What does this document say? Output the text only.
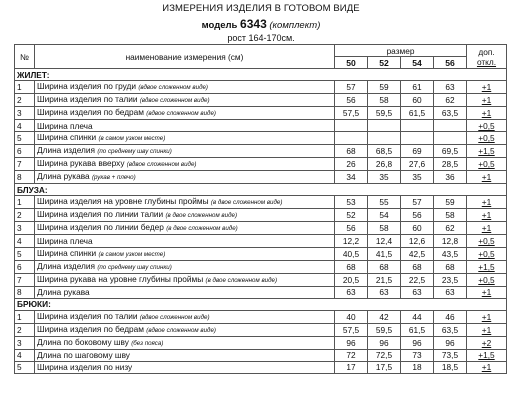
ИЗМЕРЕНИЯ ИЗДЕЛИЯ В ГОТОВОМ ВИДЕ
модель 6343 (комплект)
рост 164-170см.
№	наименование измерения (см)	размер				доп.
откл.
		50	52	54	56	
ЖИЛЕТ:						
1	Ширина изделия по груди (вдвое сложенном виде)	57	59	61	63	+1
2	Ширина изделия по талии (вдвое сложенном виде)	56	58	60	62	+1
3	Ширина изделия по бедрам (вдвое сложенном виде)	57,5	59,5	61,5	63,5	+1
4	Ширина плеча					+0,5
5	Ширина спинки (в самом узком месте)					+0,5
6	Длина изделия (по среднему шву спинки)	68	68,5	69	69,5	+1,5
7	Ширина рукава вверху (вдвое сложенном виде)	26	26,8	27,6	28,5	+0,5
8	Длина рукава (рукав + плечо)	34	35	35	36	+1
БЛУЗА:						
1	Ширина изделия на уровне глубины проймы (в двое сложенном виде)	53	55	57	59	+1
2	Ширина изделия по линии талии (в двое сложенном виде)	52	54	56	58	+1
3	Ширина изделия по линии бедер (в двое сложенном виде)	56	58	60	62	+1
4	Ширина плеча	12,2	12,4	12,6	12,8	+0,5
5	Ширина спинки (в самом узком месте)	40,5	41,5	42,5	43,5	+0,5
6	Длина изделия (по среднему шву спинки)	68	68	68	68	+1,5
7	Ширина рукава на уровне глубины проймы (в двое сложенном виде)	20,5	21,5	22,5	23,5	+0,5
8	Длина рукава	63	63	63	63	+1
БРЮКИ:						
1	Ширина изделия по талии (вдвое сложенном виде)	40	42	44	46	+1
2	Ширина изделия по бедрам (вдвое сложенном виде)	57,5	59,5	61,5	63,5	+1
3	Длина по боковому шву (без пояса)	96	96	96	96	+2
4	Длина по шаговому шву	72	72,5	73	73,5	+1,5
5	Ширина изделия по низу	17	17,5	18	18,5	+1
